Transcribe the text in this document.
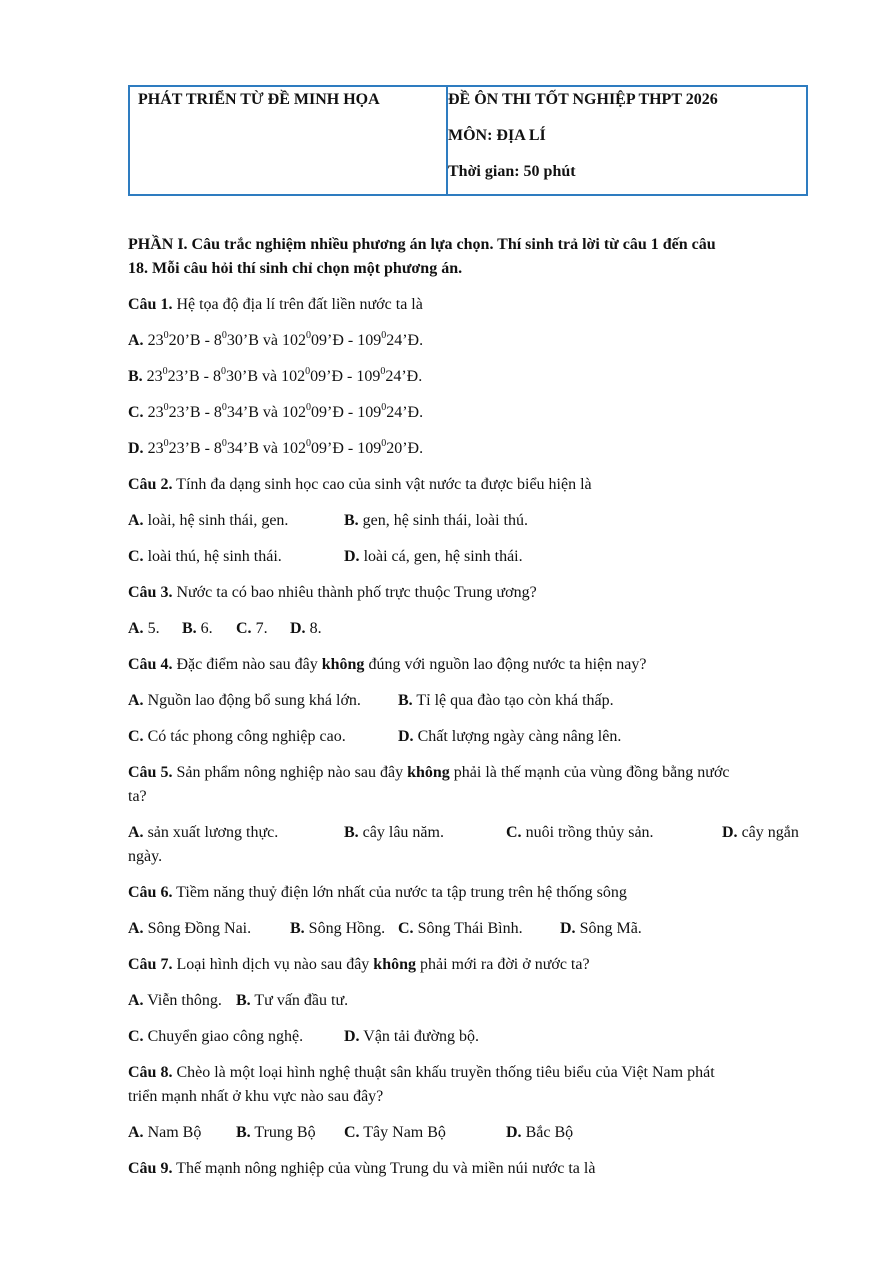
PHÁT TRIỂN TỪ ĐỀ MINH HỌA	ĐỀ ÔN THI TỐT NGHIỆP THPT 2026
MÔN: ĐỊA LÍ
Thời gian: 50 phút
PHẦN I. Câu trắc nghiệm nhiều phương án lựa chọn. Thí sinh trả lời từ câu 1 đến câu
18. Mỗi câu hỏi thí sinh chỉ chọn một phương án.
Câu 1. Hệ tọa độ địa lí trên đất liền nước ta là
A. $23^020’B$ - $8^030’B$ và $102^009’Đ$ - $109^024’Đ$.
B. $23^023’B$ - $8^030’B$ và $102^009’Đ$ - $109^024’Đ$.
C. $23^023’B$ - $8^034’B$ và $102^009’Đ$ - $109^024’Đ$.
D. $23^023’B$ - $8^034’B$ và $102^009’Đ$ - $109^020’Đ$.
Câu 2. Tính đa dạng sinh học cao của sinh vật nước ta được biểu hiện là
A. loài, hệ sinh thái, gen.	B. gen, hệ sinh thái, loài thú.
C. loài thú, hệ sinh thái.	D. loài cá, gen, hệ sinh thái.
Câu 3. Nước ta có bao nhiêu thành phố trực thuộc Trung ương?
A. 5. B. 6. C. 7. D. 8.
Câu 4. Đặc điểm nào sau đây không đúng với nguồn lao động nước ta hiện nay?
A. Nguồn lao động bổ sung khá lớn. B. Tỉ lệ qua đào tạo còn khá thấp.
C. Có tác phong công nghiệp cao.	D. Chất lượng ngày càng nâng lên.
Câu 5. Sản phẩm nông nghiệp nào sau đây không phải là thế mạnh của vùng đồng bằng nước
ta?
A. sản xuất lương thực.	B. cây lâu năm.	C. nuôi trồng thủy sản.	D. cây ngắn
ngày.
Câu 6. Tiềm năng thuỷ điện lớn nhất của nước ta tập trung trên hệ thống sông
A. Sông Đồng Nai. B. Sông Hồng. C. Sông Thái Bình. D. Sông Mã.
Câu 7. Loại hình dịch vụ nào sau đây không phải mới ra đời ở nước ta?
A. Viễn thông. B. Tư vấn đầu tư.
C. Chuyển giao công nghệ.	D. Vận tải đường bộ.
Câu 8. Chèo là một loại hình nghệ thuật sân khấu truyền thống tiêu biểu của Việt Nam phát
triển mạnh nhất ở khu vực nào sau đây?
A. Nam Bộ B. Trung Bộ C. Tây Nam Bộ	D. Bắc Bộ
Câu 9. Thế mạnh nông nghiệp của vùng Trung du và miền núi nước ta là
